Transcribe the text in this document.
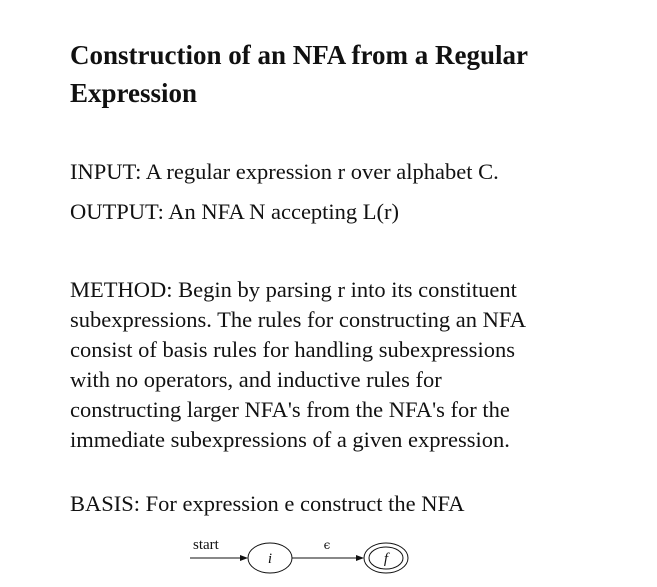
Construction of an NFA from a Regular
Expression
INPUT: A regular expression r over alphabet C.
OUTPUT: An NFA N accepting L(r)
METHOD: Begin by parsing r into its constituent
subexpressions. The rules for constructing an NFA
consist of basis rules for handling subexpressions
with no operators, and inductive rules for
constructing larger NFA's from the NFA's for the
immediate subexpressions of a given expression.
BASIS: For expression e construct the NFA
start
i
ϵ
f
